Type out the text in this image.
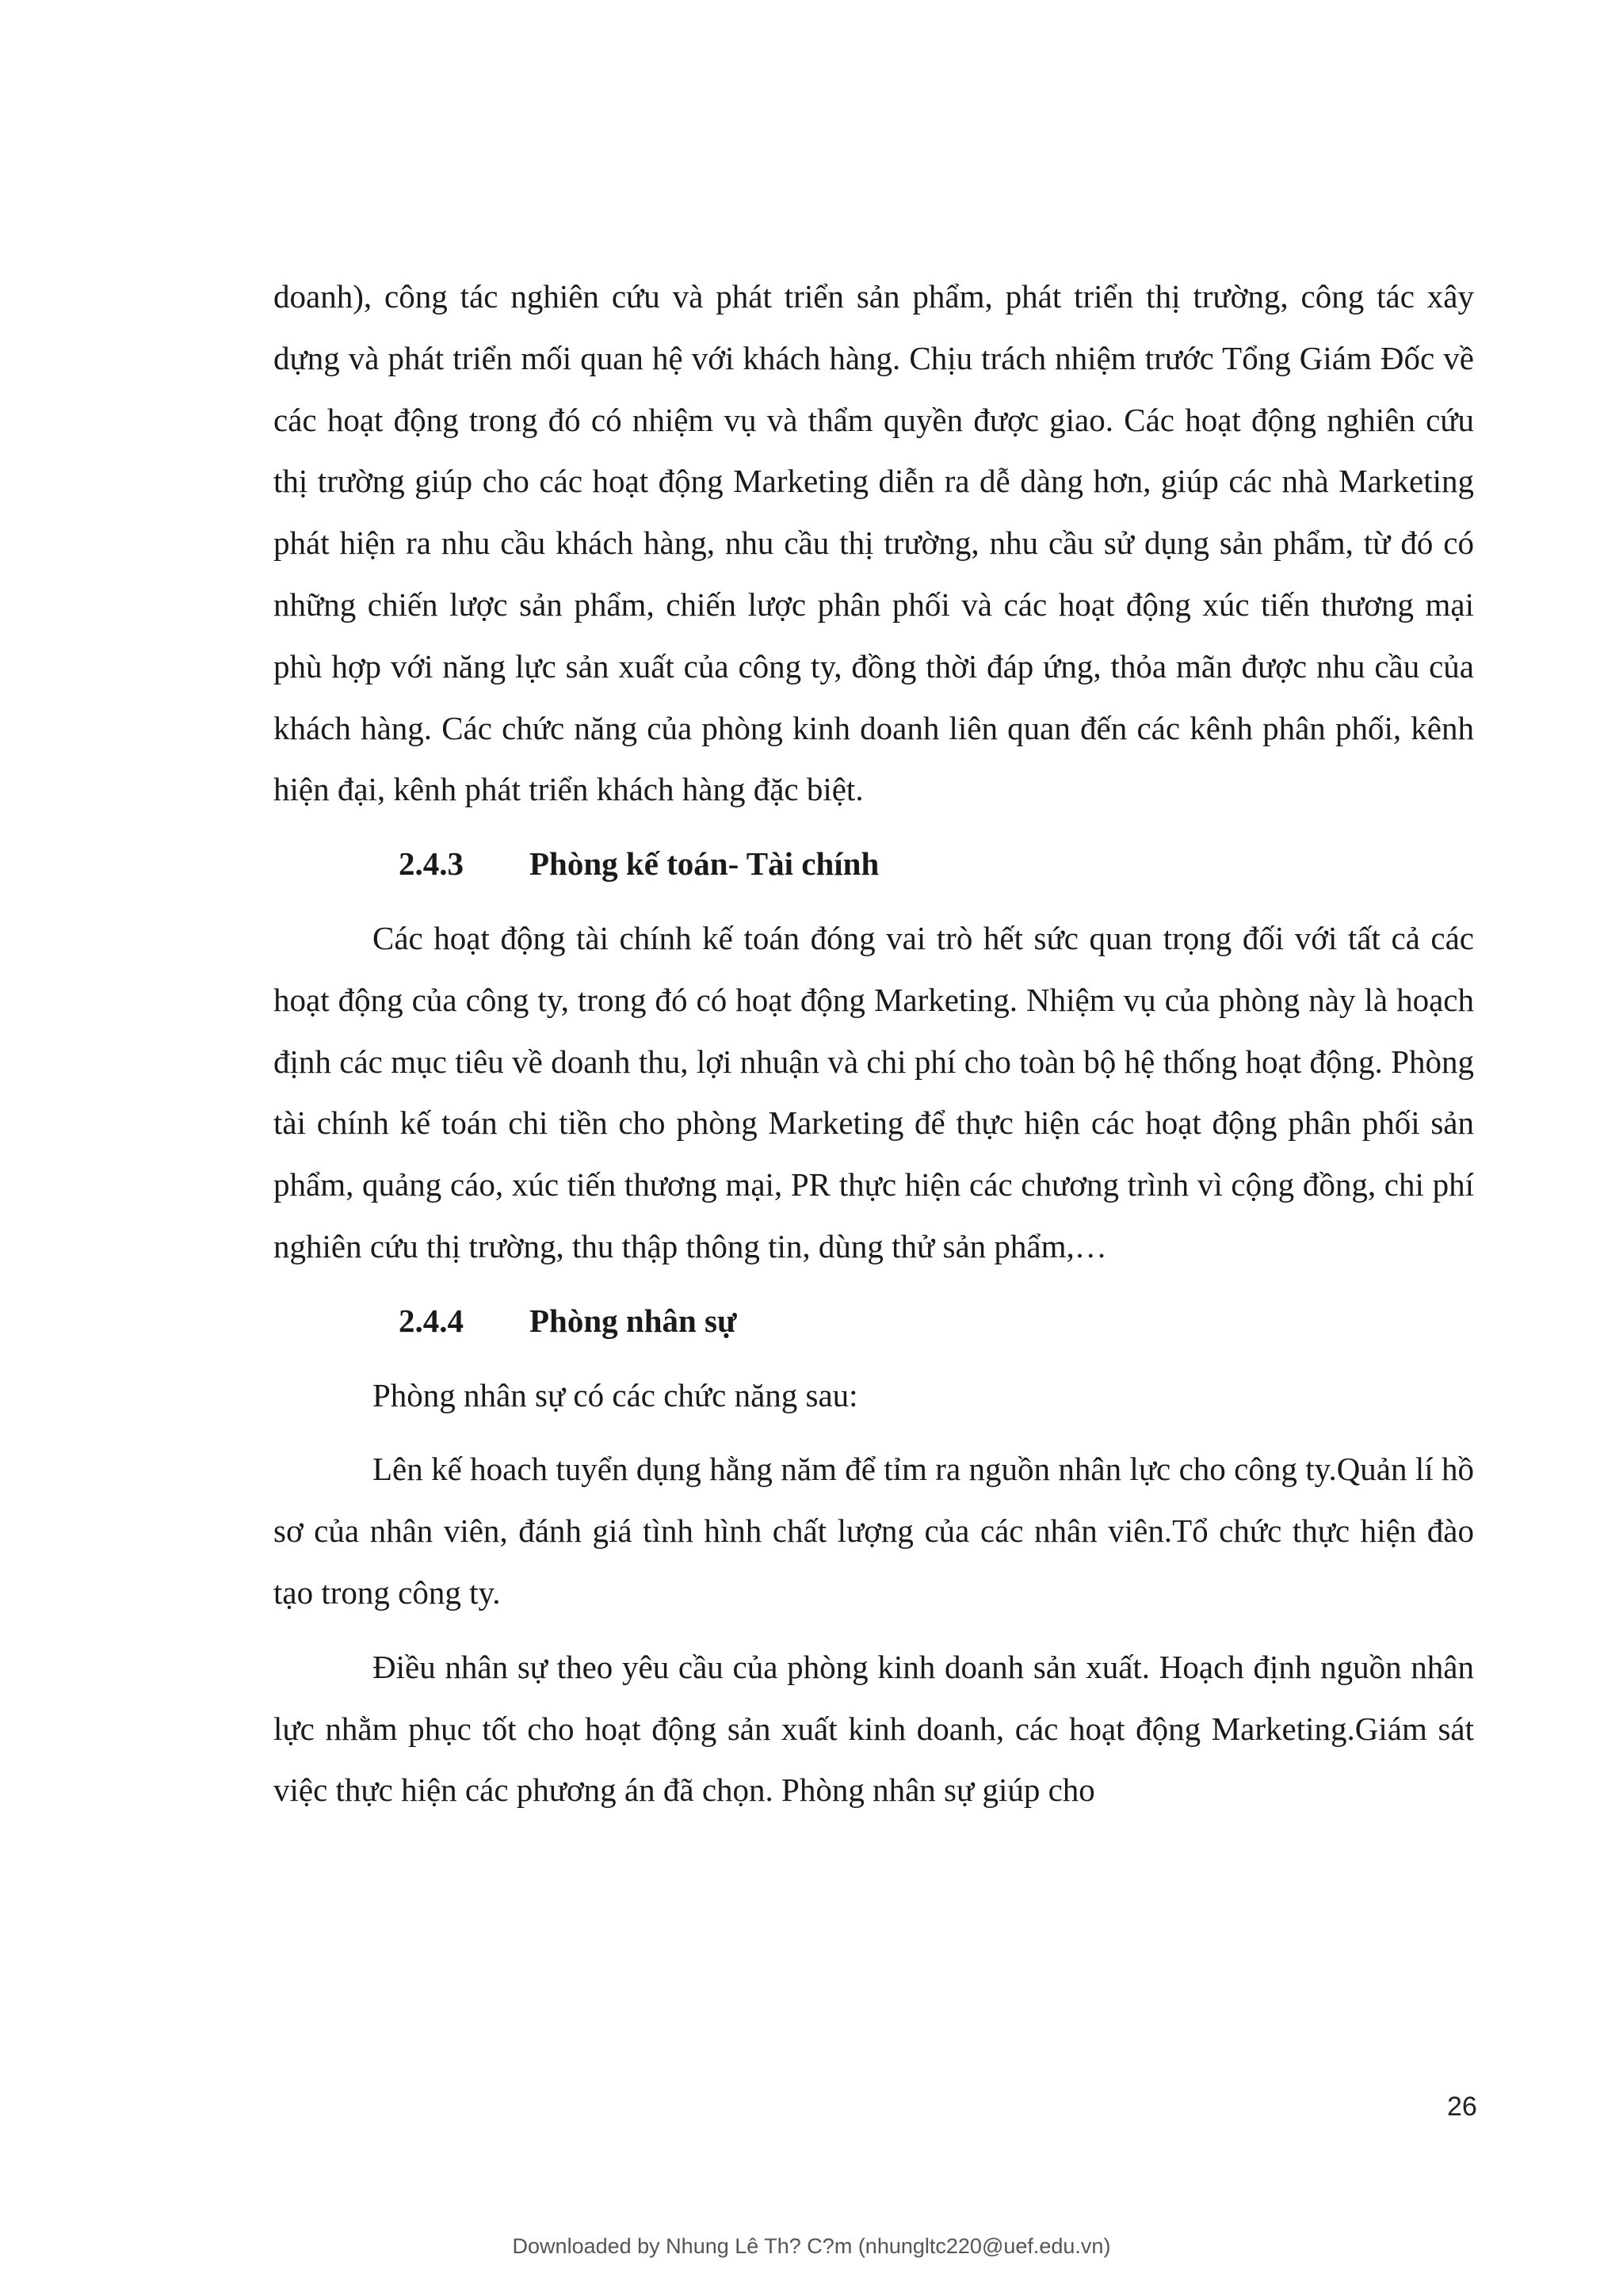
doanh), công tác nghiên cứu và phát triển sản phẩm, phát triển thị trường, công tác xây dựng và phát triển mối quan hệ với khách hàng. Chịu trách nhiệm trước Tổng Giám Đốc về các hoạt động trong đó có nhiệm vụ và thẩm quyền được giao. Các hoạt động nghiên cứu thị trường giúp cho các hoạt động Marketing diễn ra dễ dàng hơn, giúp các nhà Marketing phát hiện ra nhu cầu khách hàng, nhu cầu thị trường, nhu cầu sử dụng sản phẩm, từ đó có những chiến lược sản phẩm, chiến lược phân phối và các hoạt động xúc tiến thương mại phù hợp với năng lực sản xuất của công ty, đồng thời đáp ứng, thỏa mãn được nhu cầu của khách hàng. Các chức năng của phòng kinh doanh liên quan đến các kênh phân phối, kênh hiện đại, kênh phát triển khách hàng đặc biệt.

2.4.3 Phòng kế toán- Tài chính

Các hoạt động tài chính kế toán đóng vai trò hết sức quan trọng đối với tất cả các hoạt động của công ty, trong đó có hoạt động Marketing. Nhiệm vụ của phòng này là hoạch định các mục tiêu về doanh thu, lợi nhuận và chi phí cho toàn bộ hệ thống hoạt động. Phòng tài chính kế toán chi tiền cho phòng Marketing để thực hiện các hoạt động phân phối sản phẩm, quảng cáo, xúc tiến thương mại, PR thực hiện các chương trình vì cộng đồng, chi phí nghiên cứu thị trường, thu thập thông tin, dùng thử sản phẩm,…

2.4.4 Phòng nhân sự

Phòng nhân sự có các chức năng sau:

Lên kế hoach tuyển dụng hằng năm để tỉm ra nguồn nhân lực cho công ty.Quản lí hồ sơ của nhân viên, đánh giá tình hình chất lượng của các nhân viên.Tổ chức thực hiện đào tạo trong công ty.

Điều nhân sự theo yêu cầu của phòng kinh doanh sản xuất. Hoạch định nguồn nhân lực nhằm phục tốt cho hoạt động sản xuất kinh doanh, các hoạt động Marketing.Giám sát việc thực hiện các phương án đã chọn. Phòng nhân sự giúp cho

26
Downloaded by Nhung Lê Th? C?m (nhungltc220@uef.edu.vn)
